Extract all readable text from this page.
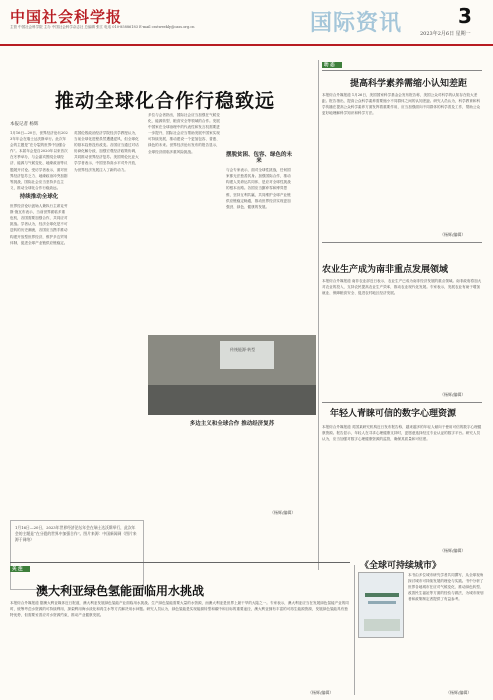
中国社会科学报
主管 中国社会科学院 主办 中国社会科学杂志社 总编辑 张江 电话 010-85886183 E-mail csstweekly@cass.org.cn	国际资讯	3
2023年2月6日 星期一
推动全球化合作行稳致远
本报记者 杨辉
1月16日—20日，世界经济论坛2023年年会在瑞士达沃斯举行。此次年会的主题是“在分裂的世界中加强合作”。本届年会是自2020年以来首次在冬季举办，与会嘉宾围绕全球经济、能源与气候变化、地缘政治等议题展开讨论。受访学者表示，面对世界经济复苏乏力、地缘政治冲突加剧等挑战，国际社会应当坚持多边主义，推动全球化合作行稳致远。
持续推动全球化
世界经济论坛创始人兼执行主席克劳斯·施瓦布表示，当前世界面临多重危机，各国需要加强合作，共同应对挑战。学者认为，经济全球化是不可逆转的历史潮流，各国应当携手推动构建开放型世界经济，维护多边贸易体制，促进全球产业链供应链稳定。
英国伦敦政治经济学院经济学教授认为，当前全球化进程虽然遭遇逆风，但全球化的基本趋势没有改变。各国应当通过对话协商化解分歧，加强宏观经济政策协调，共同推动世界经济复苏。美国哥伦比亚大学学者表示，中国坚持高水平对外开放，为世界经济发展注入了新的动力。
多位与会者指出，国际社会应当加强在气候变化、能源转型、粮食安全等领域的合作。发展中国家在全球治理中的代表性和发言权需要进一步提升，国际社会应当帮助发展中国家实现可持续发展，推动建设一个更加包容、普惠、绿色的未来。世界经济论坛发布的报告显示，全球经济面临多重风险挑战。
摆脱贫困、包容、绿色的未来
与会专家表示，面对全球性挑战，任何国家都无法独善其身。加强国际合作，推动构建人类命运共同体，是应对全球性挑战的根本出路。各国应当摒弃零和博弈思维，坚持互利共赢，共同维护全球产业链供应链稳定畅通，推动世界经济实现更加强劲、绿色、健康的发展。
多边主义和全球合作 推动经济复苏
（杨辉/编辑）
传统能源·转型
1月16日—20日，2023年世界经济论坛年会在瑞士达沃斯举行，此次年会的主题是“在分裂的世界中加强合作”。图片来源：中国新闻网（图片来源于网络）
动 态
提高科学素养需缩小认知差距
本报综合外媒报道 1月26日，美国国家科学基金会发布报告称，美国公众对科学的认知存在较大差距。报告指出，提高公众科学素养需要缩小不同群体之间的认知差距。研究人员认为，科学教育和科学传播在提高公众科学素养方面发挥着重要作用，应当加强面向不同群体的科学普及工作，帮助公众更好地理解科学知识和科学方法。
（杨辉/编辑）
农业生产成为南非重点发展领域
本报综合外媒报道 南非农业部近日表示，农业生产已成为南非经济发展的重点领域。南非政府将加大对农业的投入，支持农民提高农业生产效率，推动农业现代化发展。专家表示，发展农业有助于增加就业、保障粮食安全、促进农村地区经济发展。
（杨辉/编辑）
年轻人青睐可信的数字心理资源
本报综合外媒报道 英国某研究机构近日发布报告称，越来越多的年轻人倾向于使用可信的数字心理健康资源。报告显示，年轻人在寻求心理健康支持时，更愿意选择经过专业认证的数字平台。研究人员认为，应当加强对数字心理健康资源的监管，确保其质量和可信度。
（杨辉/编辑）
关 注
澳大利亚绿色氢能面临用水挑战
本报综合外媒报道 据澳大利亚媒体近日报道，澳大利亚发展绿色氢能产业面临用水挑战。生产绿色氢能需要大量的水资源，而澳大利亚是世界上最干旱的大陆之一。专家表示，澳大利亚应当在发展绿色氢能产业的同时，统筹考虑水资源的可持续利用，探索利用海水淡化和再生水等方式解决用水问题。研究人员认为，绿色氢能是实现能源转型和碳中和目标的重要途径，澳大利亚拥有丰富的可再生能源资源，发展绿色氢能具有独特优势，但需要妥善应对水资源约束，推动产业健康发展。
（杨辉/编辑）
《全球可持续城市》
本书由多位城市研究学者共同撰写，从全球视角探讨城市可持续发展的理论与实践。书中分析了世界各地城市在应对气候变化、推动绿色转型、改善民生福祉等方面的经验与做法，为城市规划者和政策制定者提供了有益参考。
（杨辉/编辑）
